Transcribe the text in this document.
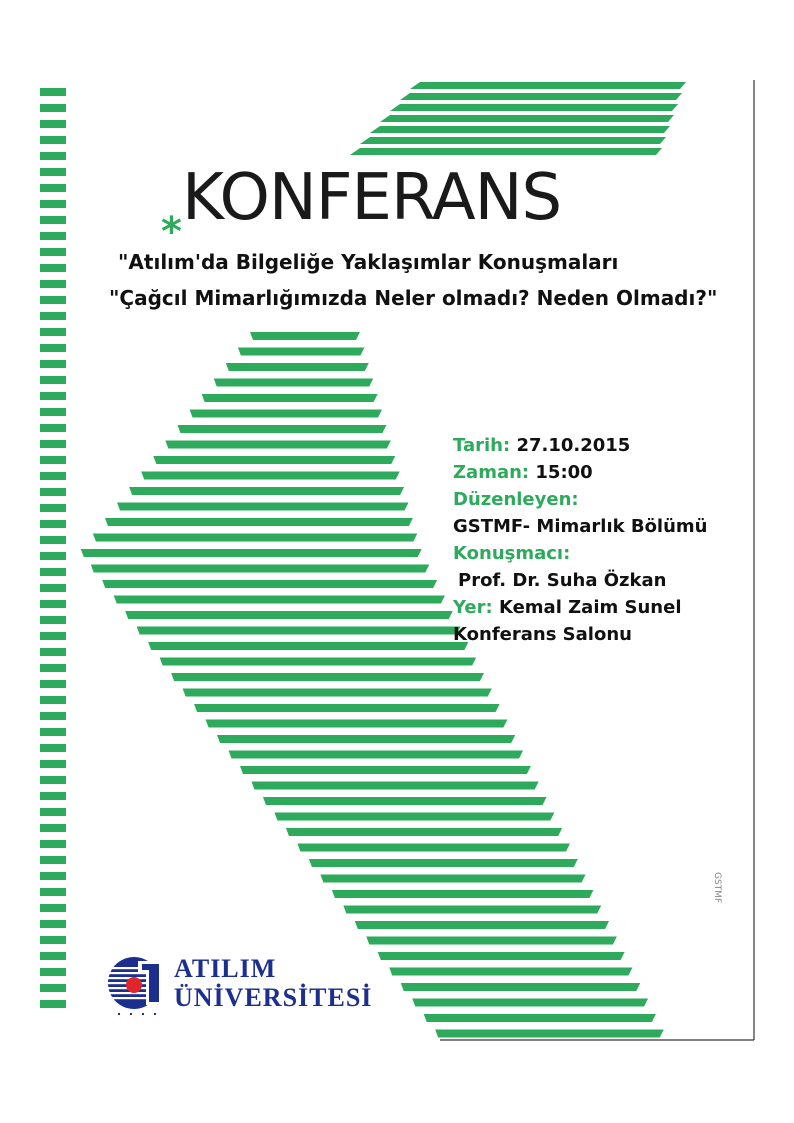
KONFERANS
*
"Atılım'da Bilgeliğe Yaklaşımlar Konuşmaları
"Çağcıl Mimarlığımızda Neler olmadı? Neden Olmadı?"
Tarih: 27.10.2015
Zaman: 15:00
Düzenleyen:
GSTMF- Mimarlık Bölümü
Konuşmacı:
Prof. Dr. Suha Özkan
Yer: Kemal Zaim Sunel
Konferans Salonu
GSTMF
ATILIM
ÜNİVERSİTESİ
